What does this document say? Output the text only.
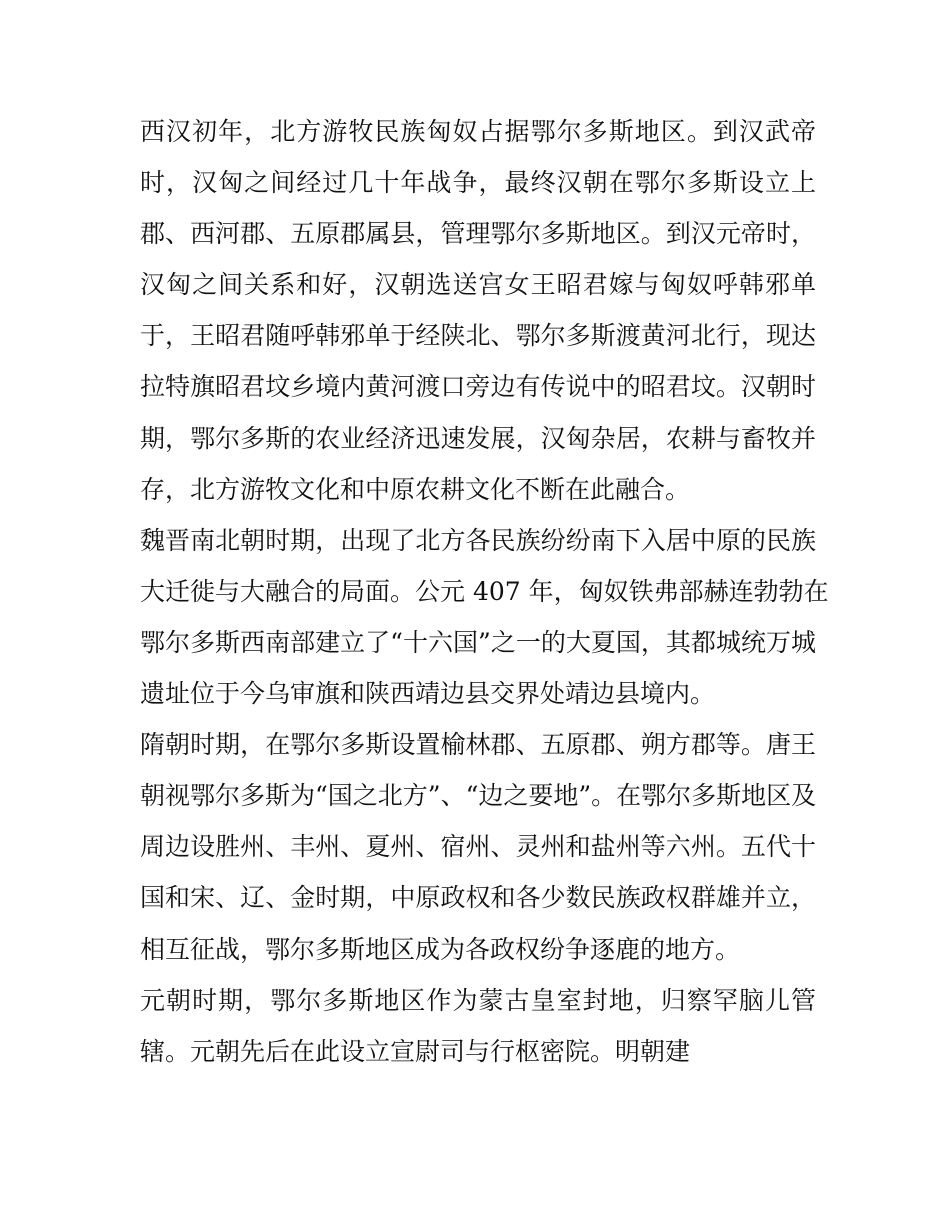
西汉初年，北方游牧民族匈奴占据鄂尔多斯地区。到汉武帝
时，汉匈之间经过几十年战争，最终汉朝在鄂尔多斯设立上
郡、西河郡、五原郡属县，管理鄂尔多斯地区。到汉元帝时，
汉匈之间关系和好，汉朝选送宫女王昭君嫁与匈奴呼韩邪单
于，王昭君随呼韩邪单于经陕北、鄂尔多斯渡黄河北行，现达
拉特旗昭君坟乡境内黄河渡口旁边有传说中的昭君坟。汉朝时
期，鄂尔多斯的农业经济迅速发展，汉匈杂居，农耕与畜牧并
存，北方游牧文化和中原农耕文化不断在此融合。
魏晋南北朝时期，出现了北方各民族纷纷南下入居中原的民族
大迁徙与大融合的局面。公元 407 年，匈奴铁弗部赫连勃勃在
鄂尔多斯西南部建立了“十六国”之一的大夏国，其都城统万城
遗址位于今乌审旗和陕西靖边县交界处靖边县境内。
隋朝时期，在鄂尔多斯设置榆林郡、五原郡、朔方郡等。唐王
朝视鄂尔多斯为“国之北方”、“边之要地”。在鄂尔多斯地区及
周边设胜州、丰州、夏州、宿州、灵州和盐州等六州。五代十
国和宋、辽、金时期，中原政权和各少数民族政权群雄并立，
相互征战，鄂尔多斯地区成为各政权纷争逐鹿的地方。
元朝时期，鄂尔多斯地区作为蒙古皇室封地，归察罕脑儿管
辖。元朝先后在此设立宣尉司与行枢密院。明朝建
